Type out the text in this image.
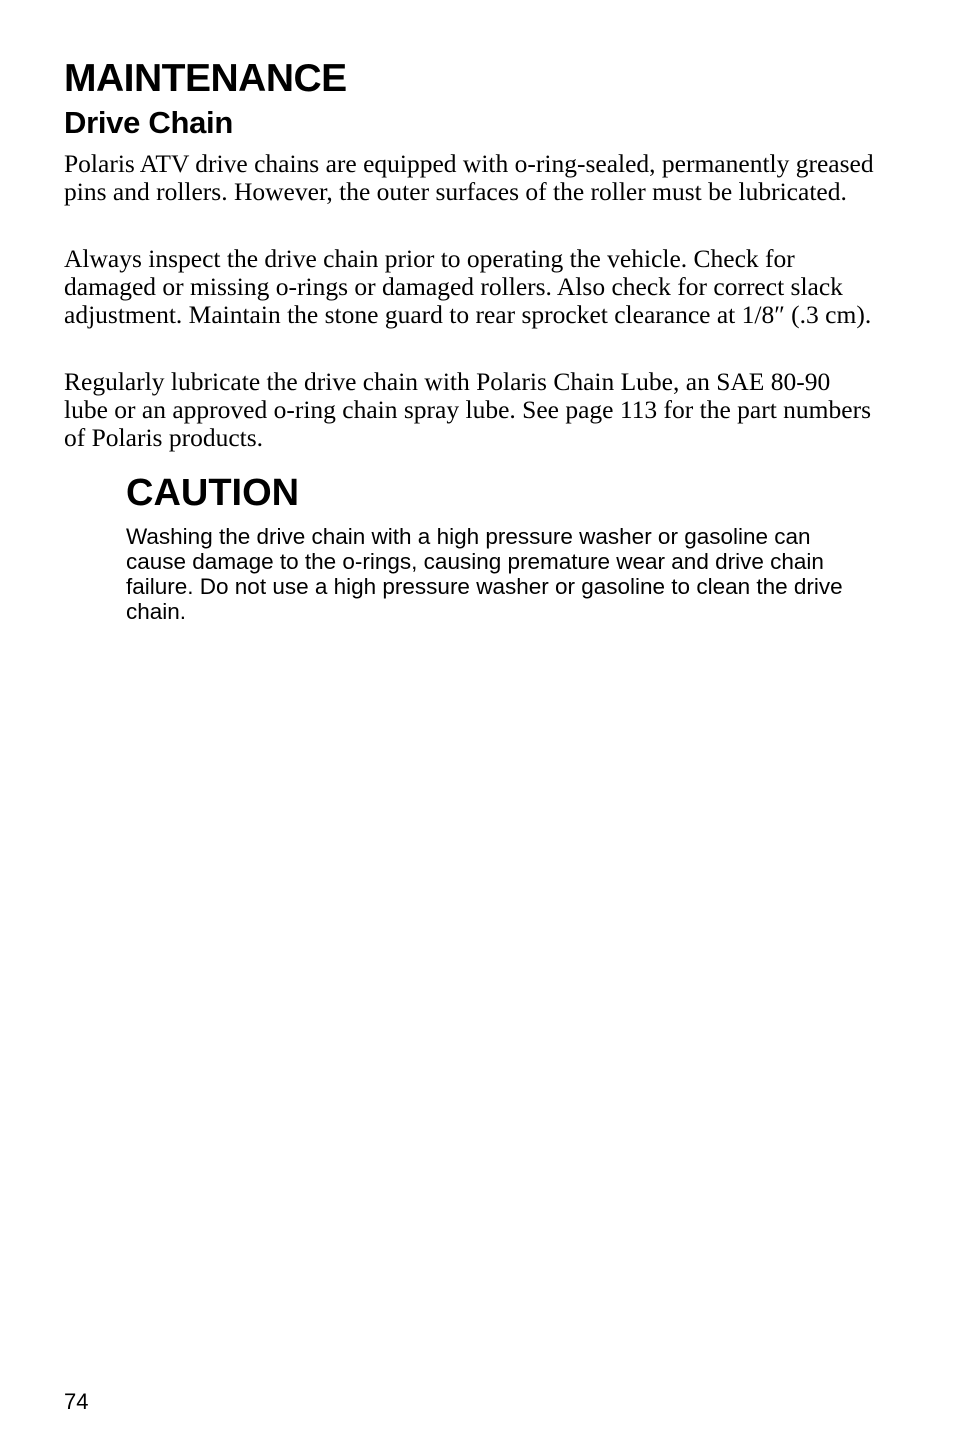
MAINTENANCE
Drive Chain

Polaris ATV drive chains are equipped with o-ring-sealed, permanently greased pins and rollers. However, the outer surfaces of the roller must be lubricated.

Always inspect the drive chain prior to operating the vehicle. Check for damaged or missing o-rings or damaged rollers. Also check for correct slack adjustment. Maintain the stone guard to rear sprocket clearance at 1/8″ (.3 cm).

Regularly lubricate the drive chain with Polaris Chain Lube, an SAE 80-90 lube or an approved o-ring chain spray lube. See page 113 for the part numbers of Polaris products.

CAUTION

Washing the drive chain with a high pressure washer or gasoline can cause damage to the o-rings, causing premature wear and drive chain failure. Do not use a high pressure washer or gasoline to clean the drive chain.

74
